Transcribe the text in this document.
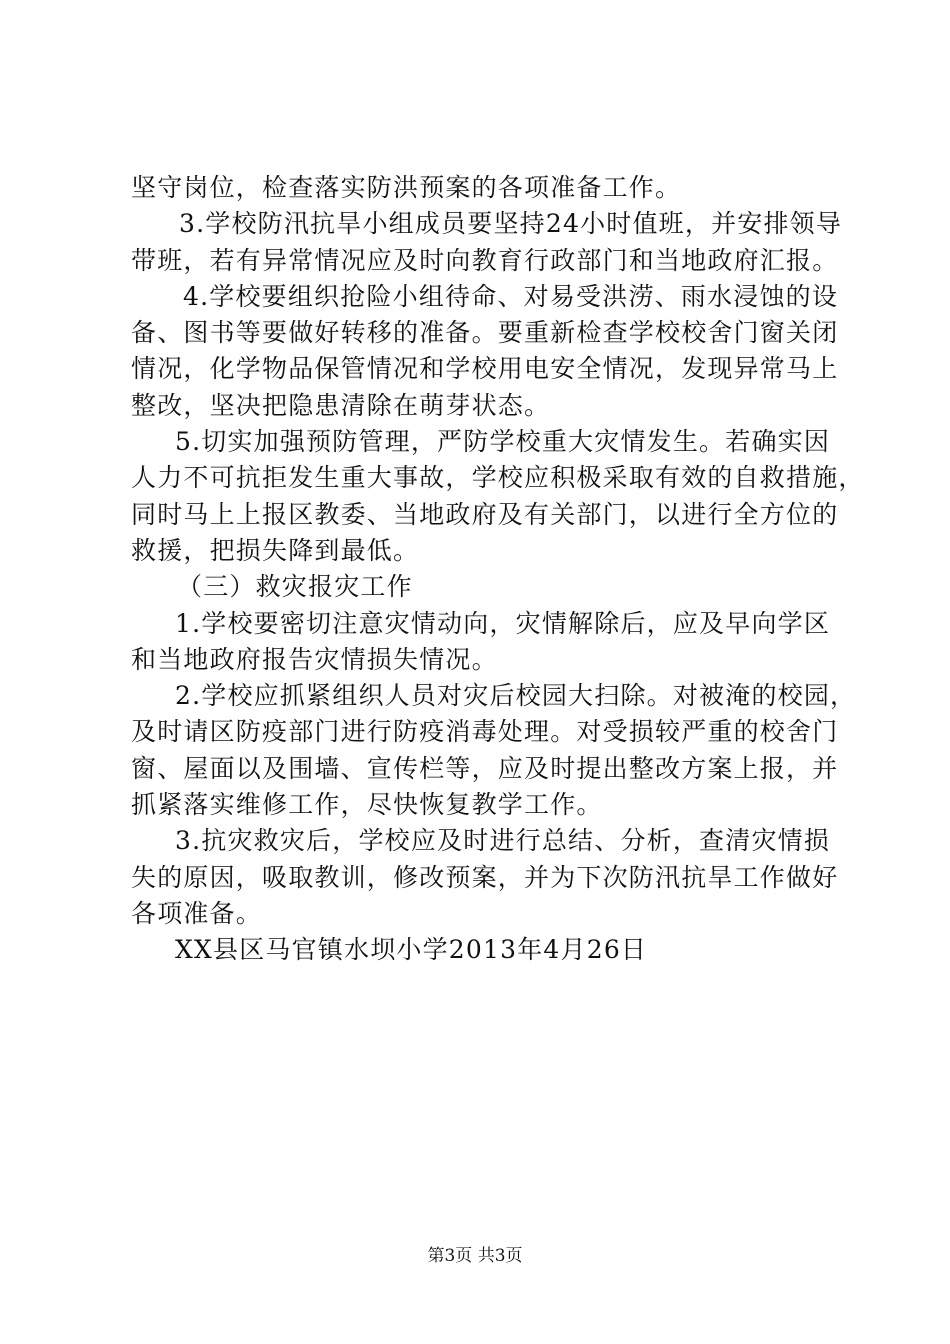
坚守岗位，检查落实防洪预案的各项准备工作。
3.学校防汛抗旱小组成员要坚持24小时值班，并安排领导
带班，若有异常情况应及时向教育行政部门和当地政府汇报。
4.学校要组织抢险小组待命、对易受洪涝、雨水浸蚀的设
备、图书等要做好转移的准备。要重新检查学校校舍门窗关闭
情况，化学物品保管情况和学校用电安全情况，发现异常马上
整改，坚决把隐患清除在萌芽状态。
5.切实加强预防管理，严防学校重大灾情发生。若确实因
人力不可抗拒发生重大事故，学校应积极采取有效的自救措施，
同时马上上报区教委、当地政府及有关部门，以进行全方位的
救援，把损失降到最低。
（三）救灾报灾工作
1.学校要密切注意灾情动向，灾情解除后，应及早向学区
和当地政府报告灾情损失情况。
2.学校应抓紧组织人员对灾后校园大扫除。对被淹的校园，
及时请区防疫部门进行防疫消毒处理。对受损较严重的校舍门
窗、屋面以及围墙、宣传栏等，应及时提出整改方案上报，并
抓紧落实维修工作，尽快恢复教学工作。
3.抗灾救灾后，学校应及时进行总结、分析，查清灾情损
失的原因，吸取教训，修改预案，并为下次防汛抗旱工作做好
各项准备。
XX县区马官镇水坝小学2013年4月26日
第3页 共3页
